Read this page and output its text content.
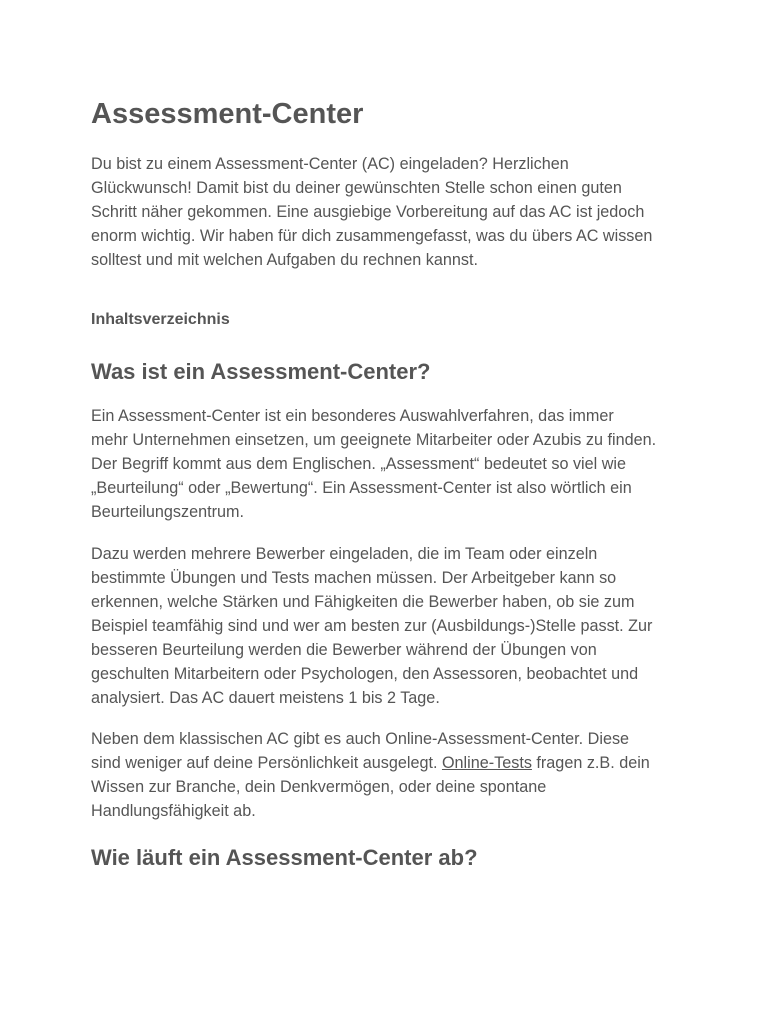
Assessment-Center

Du bist zu einem Assessment-Center (AC) eingeladen? Herzlichen
Glückwunsch! Damit bist du deiner gewünschten Stelle schon einen guten
Schritt näher gekommen. Eine ausgiebige Vorbereitung auf das AC ist jedoch
enorm wichtig. Wir haben für dich zusammengefasst, was du übers AC wissen
solltest und mit welchen Aufgaben du rechnen kannst.

Inhaltsverzeichnis
Was ist ein Assessment-Center?

Ein Assessment-Center ist ein besonderes Auswahlverfahren, das immer
mehr Unternehmen einsetzen, um geeignete Mitarbeiter oder Azubis zu finden.
Der Begriff kommt aus dem Englischen. „Assessment“ bedeutet so viel wie
„Beurteilung“ oder „Bewertung“. Ein Assessment-Center ist also wörtlich ein
Beurteilungszentrum.

Dazu werden mehrere Bewerber eingeladen, die im Team oder einzeln
bestimmte Übungen und Tests machen müssen. Der Arbeitgeber kann so
erkennen, welche Stärken und Fähigkeiten die Bewerber haben, ob sie zum
Beispiel teamfähig sind und wer am besten zur (Ausbildungs-)Stelle passt. Zur
besseren Beurteilung werden die Bewerber während der Übungen von
geschulten Mitarbeitern oder Psychologen, den Assessoren, beobachtet und
analysiert. Das AC dauert meistens 1 bis 2 Tage.

Neben dem klassischen AC gibt es auch Online-Assessment-Center. Diese
sind weniger auf deine Persönlichkeit ausgelegt. Online-Tests fragen z.B. dein
Wissen zur Branche, dein Denkvermögen, oder deine spontane
Handlungsfähigkeit ab.

Wie läuft ein Assessment-Center ab?
